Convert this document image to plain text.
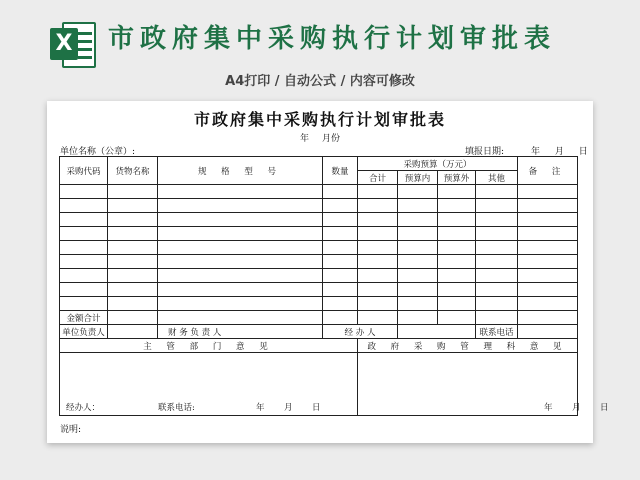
X 市政府集中采购执行计划审批表
A4打印 / 自动公式 / 内容可修改
市政府集中采购执行计划审批表
年 月份
单位名称（公章）:	填报日期:	年 月 日
采购代码	货物名称	规 格 型 号	数量	采购预算（万元）				备 注
				合计	预算内	预算外	其他	

金额合计								
单位负责人		财 务 负 责 人	经 办 人				联系电话	
主 管 部 门 意 见				政 府 采 购 管 理 科 意 见				

经办人： 联系电话: 年 月 日				年 月 日				
说明:
